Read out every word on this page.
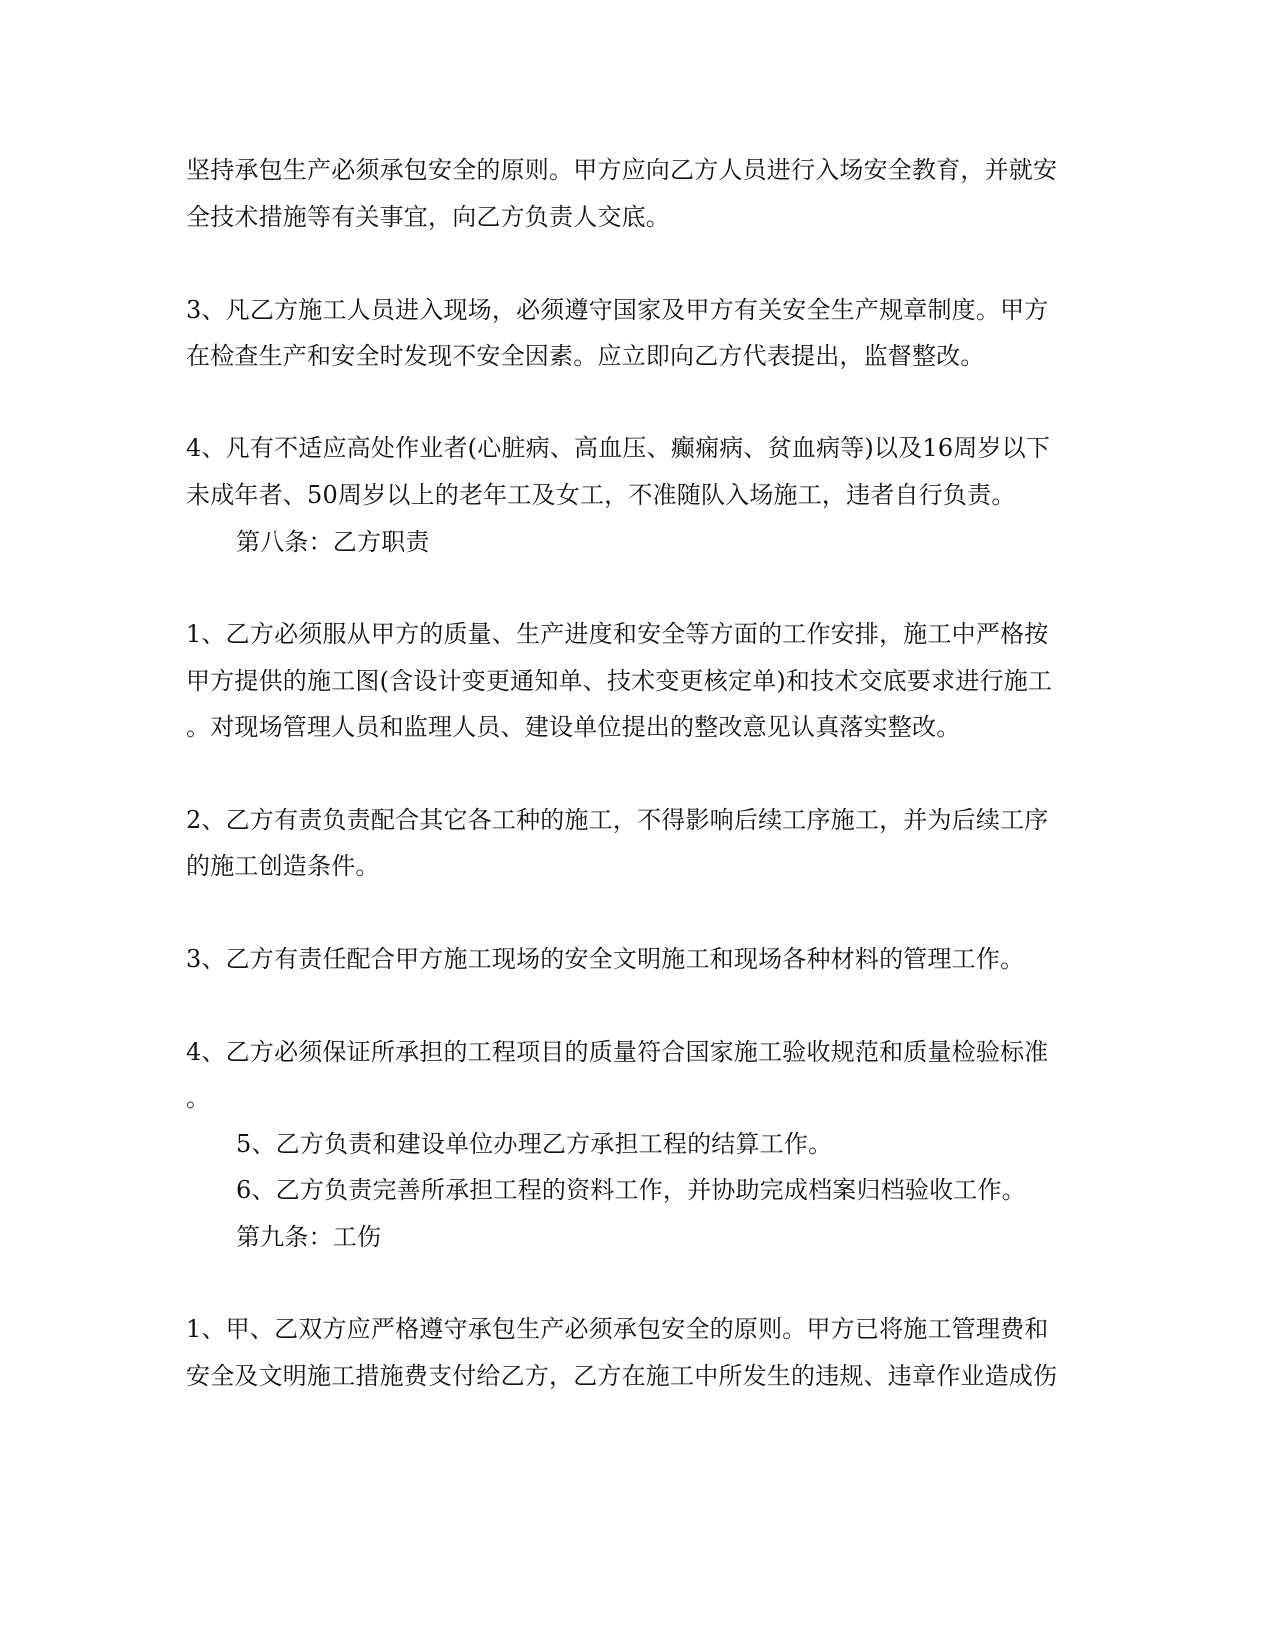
坚持承包生产必须承包安全的原则。甲方应向乙方人员进行入场安全教育，并就安
全技术措施等有关事宜，向乙方负责人交底。
3、凡乙方施工人员进入现场，必须遵守国家及甲方有关安全生产规章制度。甲方
在检查生产和安全时发现不安全因素。应立即向乙方代表提出，监督整改。
4、凡有不适应高处作业者(心脏病、高血压、癫痫病、贫血病等)以及16周岁以下
未成年者、50周岁以上的老年工及女工，不准随队入场施工，违者自行负责。
第八条：乙方职责
1、乙方必须服从甲方的质量、生产进度和安全等方面的工作安排，施工中严格按
甲方提供的施工图(含设计变更通知单、技术变更核定单)和技术交底要求进行施工
。对现场管理人员和监理人员、建设单位提出的整改意见认真落实整改。
2、乙方有责负责配合其它各工种的施工，不得影响后续工序施工，并为后续工序
的施工创造条件。
3、乙方有责任配合甲方施工现场的安全文明施工和现场各种材料的管理工作。
4、乙方必须保证所承担的工程项目的质量符合国家施工验收规范和质量检验标准
。
5、乙方负责和建设单位办理乙方承担工程的结算工作。
6、乙方负责完善所承担工程的资料工作，并协助完成档案归档验收工作。
第九条：工伤
1、甲、乙双方应严格遵守承包生产必须承包安全的原则。甲方已将施工管理费和
安全及文明施工措施费支付给乙方，乙方在施工中所发生的违规、违章作业造成伤
